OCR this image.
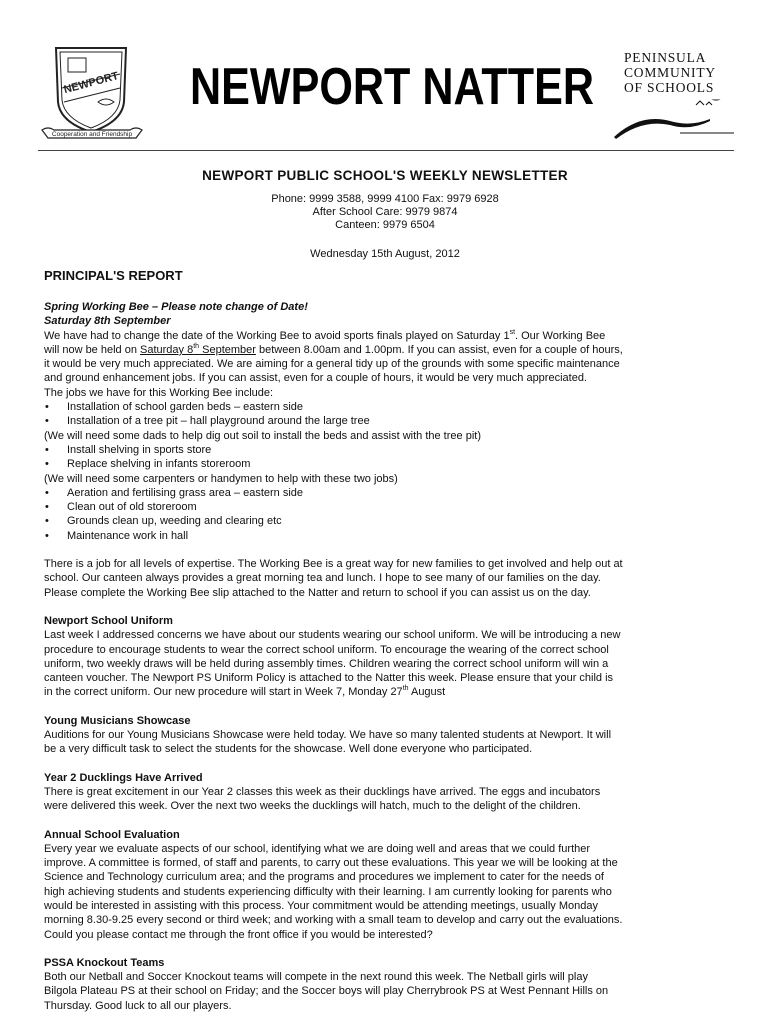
NEWPORT
Cooperation and Friendship
NEWPORT NATTER
PENINSULA
COMMUNITY
OF SCHOOLS
NEWPORT PUBLIC SCHOOL'S WEEKLY NEWSLETTER
Phone: 9999 3588, 9999 4100 Fax: 9979 6928
After School Care: 9979 9874
Canteen: 9979 6504
Wednesday 15th August, 2012
PRINCIPAL'S REPORT

Spring Working Bee – Please note change of Date!

Saturday 8th September

We have had to change the date of the Working Bee to avoid sports finals played on Saturday 1st. Our Working Bee

will now be held on Saturday 8th September between 8.00am and 1.00pm. If you can assist, even for a couple of hours,

it would be very much appreciated. We are aiming for a general tidy up of the grounds with some specific maintenance

and ground enhancement jobs. If you can assist, even for a couple of hours, it would be very much appreciated.

The jobs we have for this Working Bee include:

• Installation of school garden beds – eastern side
• Installation of a tree pit – hall playground around the large tree

(We will need some dads to help dig out soil to install the beds and assist with the tree pit)

• Install shelving in sports store
• Replace shelving in infants storeroom

(We will need some carpenters or handymen to help with these two jobs)

• Aeration and fertilising grass area – eastern side
• Clean out of old storeroom
• Grounds clean up, weeding and clearing etc
• Maintenance work in hall

There is a job for all levels of expertise. The Working Bee is a great way for new families to get involved and help out at

school. Our canteen always provides a great morning tea and lunch. I hope to see many of our families on the day.

Please complete the Working Bee slip attached to the Natter and return to school if you can assist us on the day.

Newport School Uniform

Last week I addressed concerns we have about our students wearing our school uniform. We will be introducing a new

procedure to encourage students to wear the correct school uniform. To encourage the wearing of the correct school

uniform, two weekly draws will be held during assembly times. Children wearing the correct school uniform will win a

canteen voucher. The Newport PS Uniform Policy is attached to the Natter this week. Please ensure that your child is

in the correct uniform. Our new procedure will start in Week 7, Monday 27th August

Young Musicians Showcase

Auditions for our Young Musicians Showcase were held today. We have so many talented students at Newport. It will

be a very difficult task to select the students for the showcase. Well done everyone who participated.

Year 2 Ducklings Have Arrived

There is great excitement in our Year 2 classes this week as their ducklings have arrived. The eggs and incubators

were delivered this week. Over the next two weeks the ducklings will hatch, much to the delight of the children.

Annual School Evaluation

Every year we evaluate aspects of our school, identifying what we are doing well and areas that we could further

improve. A committee is formed, of staff and parents, to carry out these evaluations. This year we will be looking at the

Science and Technology curriculum area; and the programs and procedures we implement to cater for the needs of

high achieving students and students experiencing difficulty with their learning. I am currently looking for parents who

would be interested in assisting with this process. Your commitment would be attending meetings, usually Monday

morning 8.30-9.25 every second or third week; and working with a small team to develop and carry out the evaluations.

Could you please contact me through the front office if you would be interested?

PSSA Knockout Teams

Both our Netball and Soccer Knockout teams will compete in the next round this week. The Netball girls will play

Bilgola Plateau PS at their school on Friday; and the Soccer boys will play Cherrybrook PS at West Pennant Hills on

Thursday. Good luck to all our players.
